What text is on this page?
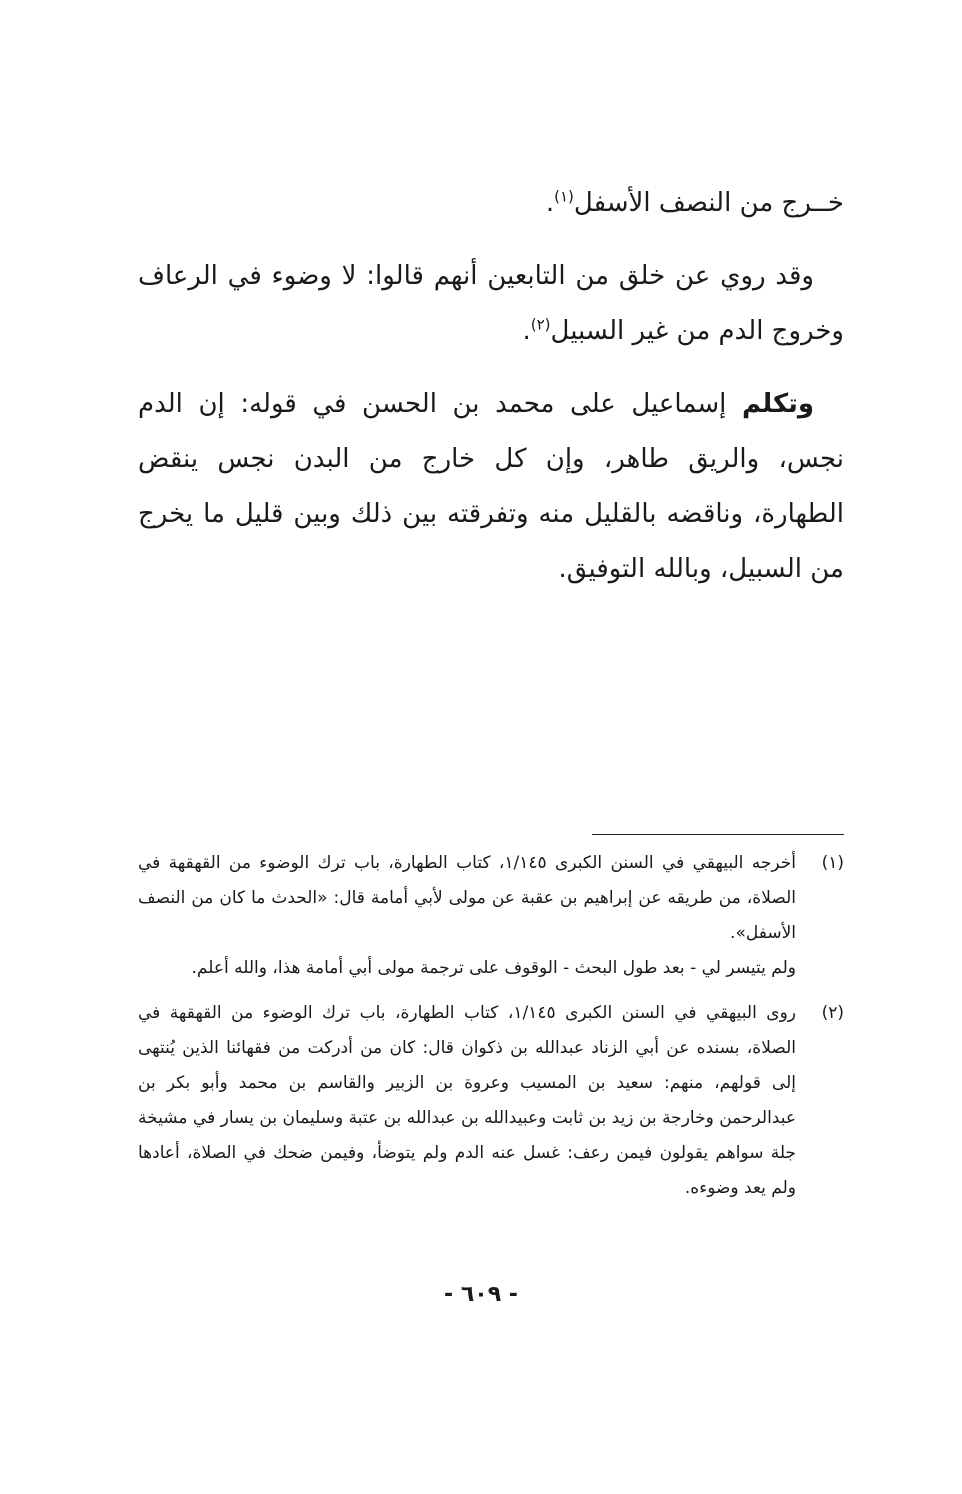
خــرج من النصف الأسفل$^{(١)}$.

وقد روي عن خلق من التابعين أنهم قالوا: لا وضوء في الرعاف وخروج الدم من غير السبيل$^{(٢)}$.

وتكلم إسماعيل على محمد بن الحسن في قوله: إن الدم نجس، والريق طاهر، وإن كل خارج من البدن نجس ينقض الطهارة، وناقضه بالقليل منه وتفرقته بين ذلك وبين قليل ما يخرج من السبيل، وبالله التوفيق.

(١)

أخرجه البيهقي في السنن الكبرى ١/١٤٥، كتاب الطهارة، باب ترك الوضوء من القهقهة في الصلاة، من طريقه عن إبراهيم بن عقبة عن مولى لأبي أمامة قال: «الحدث ما كان من النصف الأسفل».

ولم يتيسر لي - بعد طول البحث - الوقوف على ترجمة مولى أبي أمامة هذا، والله أعلم.

(٢)

روى البيهقي في السنن الكبرى ١/١٤٥، كتاب الطهارة، باب ترك الوضوء من القهقهة في الصلاة، بسنده عن أبي الزناد عبدالله بن ذكوان قال: كان من أدركت من فقهائنا الذين يُنتهى إلى قولهم، منهم: سعيد بن المسيب وعروة بن الزبير والقاسم بن محمد وأبو بكر بن عبدالرحمن وخارجة بن زيد بن ثابت وعبيدالله بن عبدالله بن عتبة وسليمان بن يسار في مشيخة جلة سواهم يقولون فيمن رعف: غسل عنه الدم ولم يتوضأ، وفيمن ضحك في الصلاة، أعادها ولم يعد وضوءه.

- ٦٠٩ -
